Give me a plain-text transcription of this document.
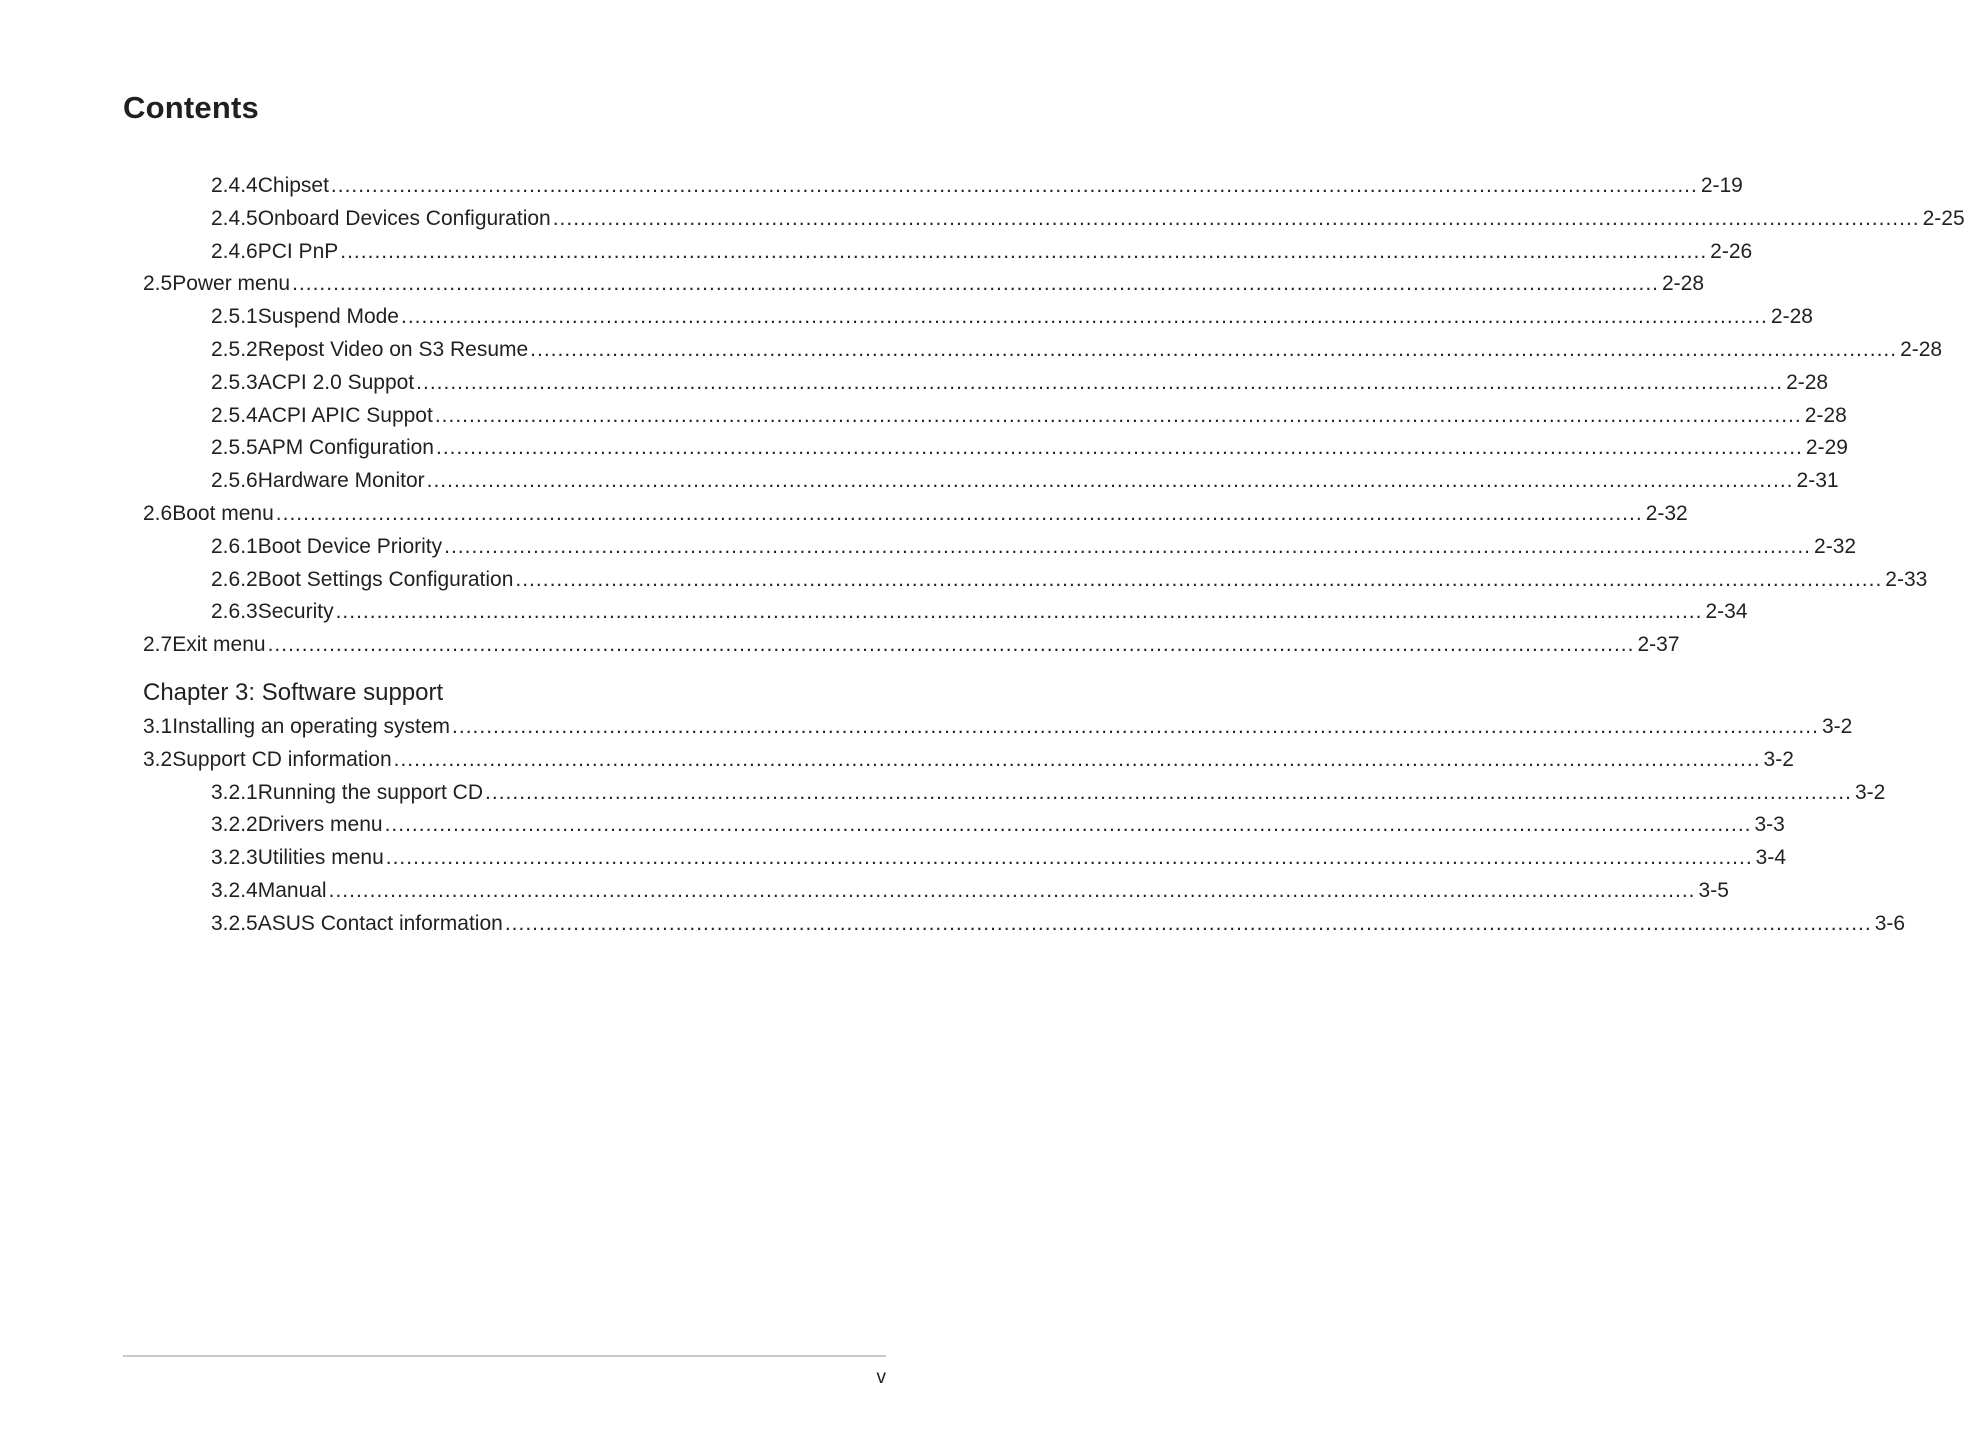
Contents
2.4.4 Chipset ........................................................................................................................................................................................................ 2-19
2.4.5 Onboard Devices Configuration ........................................................................................................................................................................................................ 2-25
2.4.6 PCI PnP ........................................................................................................................................................................................................ 2-26
2.5 Power menu ........................................................................................................................................................................................................ 2-28
2.5.1 Suspend Mode ........................................................................................................................................................................................................ 2-28
2.5.2 Repost Video on S3 Resume ........................................................................................................................................................................................................ 2-28
2.5.3 ACPI 2.0 Suppot ........................................................................................................................................................................................................ 2-28
2.5.4 ACPI APIC Suppot ........................................................................................................................................................................................................ 2-28
2.5.5 APM Configuration ........................................................................................................................................................................................................ 2-29
2.5.6 Hardware Monitor ........................................................................................................................................................................................................ 2-31
2.6 Boot menu ........................................................................................................................................................................................................ 2-32
2.6.1 Boot Device Priority ........................................................................................................................................................................................................ 2-32
2.6.2 Boot Settings Configuration ........................................................................................................................................................................................................ 2-33
2.6.3 Security ........................................................................................................................................................................................................ 2-34
2.7 Exit menu ........................................................................................................................................................................................................ 2-37
3.1 Installing an operating system ........................................................................................................................................................................................................ 3-2
3.2 Support CD information ........................................................................................................................................................................................................ 3-2
3.2.1 Running the support CD ........................................................................................................................................................................................................ 3-2
3.2.2 Drivers menu ........................................................................................................................................................................................................ 3-3
3.2.3 Utilities menu ........................................................................................................................................................................................................ 3-4
3.2.4 Manual ........................................................................................................................................................................................................ 3-5
3.2.5 ASUS Contact information ........................................................................................................................................................................................................ 3-6
Chapter 3: Software support
v
